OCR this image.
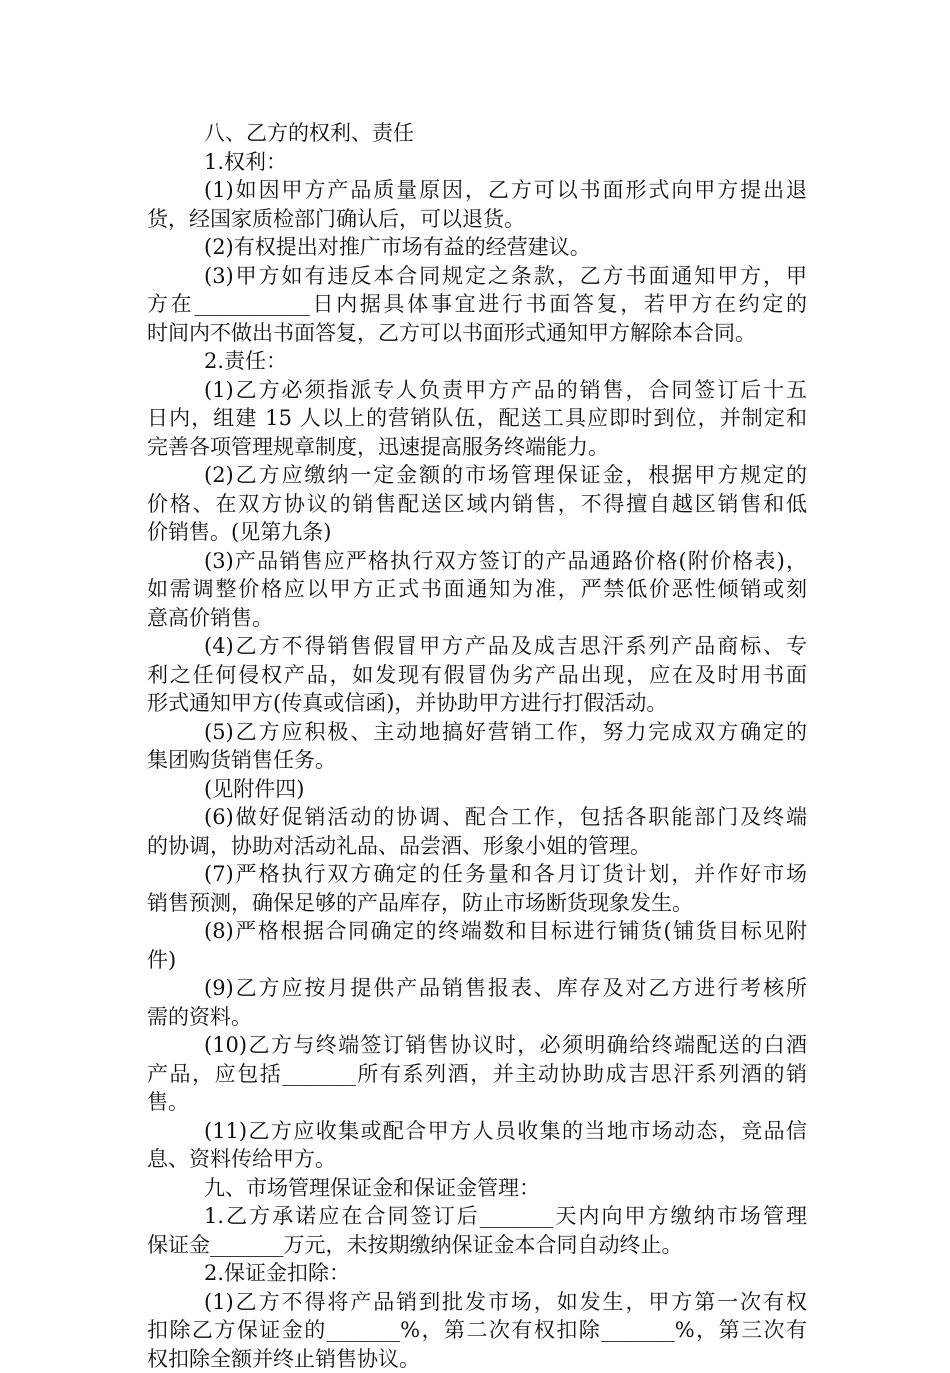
八、乙方的权利、责任
1.权利：
(1)如因甲方产品质量原因，乙方可以书面形式向甲方提出退
货，经国家质检部门确认后，可以退货。
(2)有权提出对推广市场有益的经营建议。
(3)甲方如有违反本合同规定之条款，乙方书面通知甲方，甲
方在___________日内据具体事宜进行书面答复，若甲方在约定的
时间内不做出书面答复，乙方可以书面形式通知甲方解除本合同。
2.责任：
(1)乙方必须指派专人负责甲方产品的销售，合同签订后十五
日内，组建 15 人以上的营销队伍，配送工具应即时到位，并制定和
完善各项管理规章制度，迅速提高服务终端能力。
(2)乙方应缴纳一定金额的市场管理保证金，根据甲方规定的
价格、在双方协议的销售配送区域内销售，不得擅自越区销售和低
价销售。(见第九条)
(3)产品销售应严格执行双方签订的产品通路价格(附价格表)，
如需调整价格应以甲方正式书面通知为准，严禁低价恶性倾销或刻
意高价销售。
(4)乙方不得销售假冒甲方产品及成吉思汗系列产品商标、专
利之任何侵权产品，如发现有假冒伪劣产品出现，应在及时用书面
形式通知甲方(传真或信函)，并协助甲方进行打假活动。
(5)乙方应积极、主动地搞好营销工作，努力完成双方确定的
集团购货销售任务。
(见附件四)
(6)做好促销活动的协调、配合工作，包括各职能部门及终端
的协调，协助对活动礼品、品尝酒、形象小姐的管理。
(7)严格执行双方确定的任务量和各月订货计划，并作好市场
销售预测，确保足够的产品库存，防止市场断货现象发生。
(8)严格根据合同确定的终端数和目标进行铺货(铺货目标见附
件)
(9)乙方应按月提供产品销售报表、库存及对乙方进行考核所
需的资料。
(10)乙方与终端签订销售协议时，必须明确给终端配送的白酒
产品，应包括_______所有系列酒，并主动协助成吉思汗系列酒的销
售。
(11)乙方应收集或配合甲方人员收集的当地市场动态，竞品信
息、资料传给甲方。
九、市场管理保证金和保证金管理：
1.乙方承诺应在合同签订后_______天内向甲方缴纳市场管理
保证金_______万元，未按期缴纳保证金本合同自动终止。
2.保证金扣除：
(1)乙方不得将产品销到批发市场，如发生，甲方第一次有权
扣除乙方保证金的_______%，第二次有权扣除_______%，第三次有
权扣除全额并终止销售协议。
